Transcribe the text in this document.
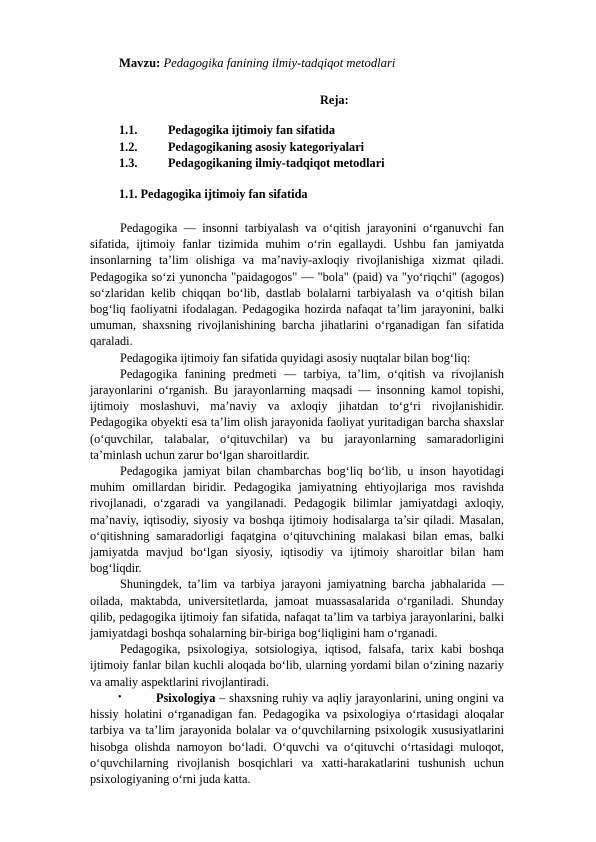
Mavzu: Pedagogika fanining ilmiy-tadqiqot metodlari
Reja:
1.1. Pedagogika ijtimoiy fan sifatida
1.2. Pedagogikaning asosiy kategoriyalari
1.3. Pedagogikaning ilmiy-tadqiqot metodlari
1.1. Pedagogika ijtimoiy fan sifatida

Pedagogika — insonni tarbiyalash va o‘qitish jarayonini o‘rganuvchi fan sifatida, ijtimoiy fanlar tizimida muhim o‘rin egallaydi. Ushbu fan jamiyatda insonlarning ta’lim olishiga va ma’naviy-axloqiy rivojlanishiga xizmat qiladi. Pedagogika so‘zi yunoncha "paidagogos" — "bola" (paid) va "yo‘riqchi" (agogos) so‘zlaridan kelib chiqqan bo‘lib, dastlab bolalarni tarbiyalash va o‘qitish bilan bog‘liq faoliyatni ifodalagan. Pedagogika hozirda nafaqat ta’lim jarayonini, balki umuman, shaxsning rivojlanishining barcha jihatlarini o‘rganadigan fan sifatida qaraladi.

Pedagogika ijtimoiy fan sifatida quyidagi asosiy nuqtalar bilan bog‘liq:

Pedagogika fanining predmeti — tarbiya, ta’lim, o‘qitish va rivojlanish jarayonlarini o‘rganish. Bu jarayonlarning maqsadi — insonning kamol topishi, ijtimoiy moslashuvi, ma’naviy va axloqiy jihatdan to‘g‘ri rivojlanishidir. Pedagogika obyekti esa ta’lim olish jarayonida faoliyat yuritadigan barcha shaxslar (o‘quvchilar, talabalar, o‘qituvchilar) va bu jarayonlarning samaradorligini ta’minlash uchun zarur bo‘lgan sharoitlardir.

Pedagogika jamiyat bilan chambarchas bog‘liq bo‘lib, u inson hayotidagi muhim omillardan biridir. Pedagogika jamiyatning ehtiyojlariga mos ravishda rivojlanadi, o‘zgaradi va yangilanadi. Pedagogik bilimlar jamiyatdagi axloqiy, ma’naviy, iqtisodiy, siyosiy va boshqa ijtimoiy hodisalarga ta’sir qiladi. Masalan, o‘qitishning samaradorligi faqatgina o‘qituvchining malakasi bilan emas, balki jamiyatda mavjud bo‘lgan siyosiy, iqtisodiy va ijtimoiy sharoitlar bilan ham bog‘liqdir.

Shuningdek, ta’lim va tarbiya jarayoni jamiyatning barcha jabhalarida — oilada, maktabda, universitetlarda, jamoat muassasalarida o‘rganiladi. Shunday qilib, pedagogika ijtimoiy fan sifatida, nafaqat ta’lim va tarbiya jarayonlarini, balki jamiyatdagi boshqa sohalarning bir-biriga bog‘liqligini ham o‘rganadi.

Pedagogika, psixologiya, sotsiologiya, iqtisod, falsafa, tarix kabi boshqa ijtimoiy fanlar bilan kuchli aloqada bo‘lib, ularning yordami bilan o‘zining nazariy va amaliy aspektlarini rivojlantiradi.

•	Psixologiya – shaxsning ruhiy va aqliy jarayonlarini, uning ongini va hissiy holatini o‘rganadigan fan. Pedagogika va psixologiya o‘rtasidagi aloqalar tarbiya va ta’lim jarayonida bolalar va o‘quvchilarning psixologik xususiyatlarini hisobga olishda namoyon bo‘ladi. O‘quvchi va o‘qituvchi o‘rtasidagi muloqot, o‘quvchilarning rivojlanish bosqichlari va xatti-harakatlarini tushunish uchun psixologiyaning o‘rni juda katta.
